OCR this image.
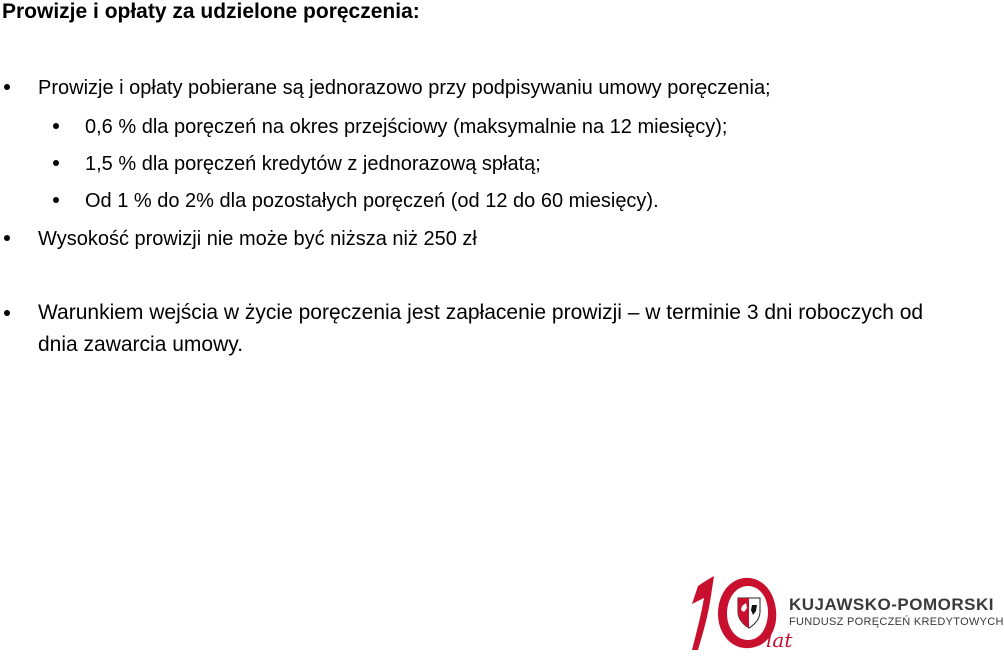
Prowizje i opłaty za udzielone poręczenia:
Prowizje i opłaty pobierane są jednorazowo przy podpisywaniu umowy poręczenia;
0,6 % dla poręczeń na okres przejściowy (maksymalnie na 12 miesięcy);
1,5 % dla poręczeń kredytów z jednorazową spłatą;
Od 1 % do 2% dla pozostałych poręczeń (od 12 do 60 miesięcy).
Wysokość prowizji nie może być niższa niż 250 zł
Warunkiem wejścia w życie poręczenia jest zapłacenie prowizji – w terminie 3 dni roboczych od dnia zawarcia umowy.
KUJAWSKO-POMORSKI
FUNDUSZ PORĘCZEŃ KREDYTOWYCH
lat
